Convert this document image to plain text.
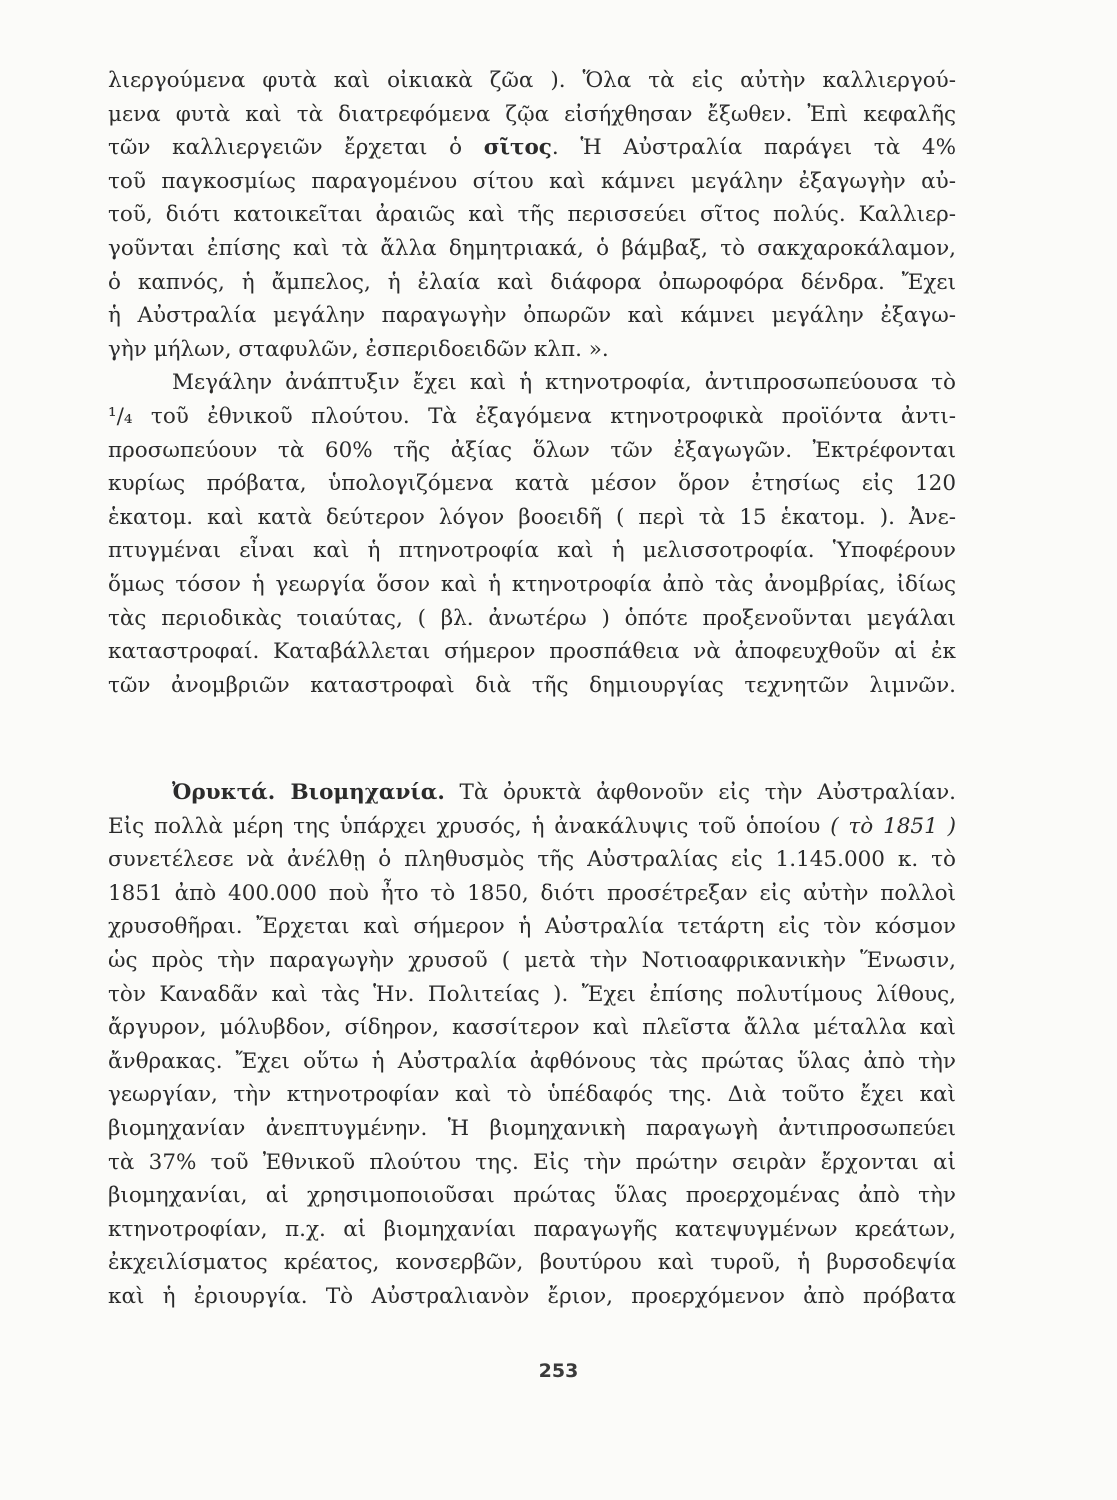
λιεργούμενα φυτὰ καὶ οἰκιακὰ ζῶα ). Ὅλα τὰ εἰς αὐτὴν καλλιεργού-
μενα φυτὰ καὶ τὰ διατρεφόμενα ζῷα εἰσήχθησαν ἔξωθεν. Ἐπὶ κεφαλῆς
τῶν καλλιεργειῶν ἔρχεται ὁ σῖτος. Ἡ Αὐστραλία παράγει τὰ 4%
τοῦ παγκοσμίως παραγομένου σίτου καὶ κάμνει μεγάλην ἐξαγωγὴν αὐ-
τοῦ, διότι κατοικεῖται ἀραιῶς καὶ τῆς περισσεύει σῖτος πολύς. Καλλιερ-
γοῦνται ἐπίσης καὶ τὰ ἄλλα δημητριακά, ὁ βάμβαξ, τὸ σακχαροκάλαμον,
ὁ καπνός, ἡ ἄμπελος, ἡ ἐλαία καὶ διάφορα ὀπωροφόρα δένδρα. Ἔχει
ἡ Αὐστραλία μεγάλην παραγωγὴν ὀπωρῶν καὶ κάμνει μεγάλην ἐξαγω-
γὴν μήλων, σταφυλῶν, ἐσπεριδοειδῶν κλπ. ».
Μεγάλην ἀνάπτυξιν ἔχει καὶ ἡ κτηνοτροφία, ἀντιπροσωπεύουσα τὸ
¹/₄ τοῦ ἐθνικοῦ πλούτου. Τὰ ἐξαγόμενα κτηνοτροφικὰ προϊόντα ἀντι-
προσωπεύουν τὰ 60% τῆς ἀξίας ὅλων τῶν ἐξαγωγῶν. Ἐκτρέφονται
κυρίως πρόβατα, ὑπολογιζόμενα κατὰ μέσον ὅρον ἐτησίως εἰς 120
ἑκατομ. καὶ κατὰ δεύτερον λόγον βοοειδῆ ( περὶ τὰ 15 ἑκατομ. ). Ἀνε-
πτυγμέναι εἶναι καὶ ἡ πτηνοτροφία καὶ ἡ μελισσοτροφία. Ὑποφέρουν
ὅμως τόσον ἡ γεωργία ὅσον καὶ ἡ κτηνοτροφία ἀπὸ τὰς ἀνομβρίας, ἰδίως
τὰς περιοδικὰς τοιαύτας, ( βλ. ἀνωτέρω ) ὁπότε προξενοῦνται μεγάλαι
καταστροφαί. Καταβάλλεται σήμερον προσπάθεια νὰ ἀποφευχθοῦν αἱ ἐκ
τῶν ἀνομβριῶν καταστροφαὶ διὰ τῆς δημιουργίας τεχνητῶν λιμνῶν.
Ὀρυκτά. Βιομηχανία. Τὰ ὀρυκτὰ ἀφθονοῦν εἰς τὴν Αὐστραλίαν.
Εἰς πολλὰ μέρη της ὑπάρχει χρυσός, ἡ ἀνακάλυψις τοῦ ὁποίου ( τὸ 1851 )
συνετέλεσε νὰ ἀνέλθῃ ὁ πληθυσμὸς τῆς Αὐστραλίας εἰς 1.145.000 κ. τὸ
1851 ἀπὸ 400.000 ποὺ ἦτο τὸ 1850, διότι προσέτρεξαν εἰς αὐτὴν πολλοὶ
χρυσοθῆραι. Ἔρχεται καὶ σήμερον ἡ Αὐστραλία τετάρτη εἰς τὸν κόσμον
ὡς πρὸς τὴν παραγωγὴν χρυσοῦ ( μετὰ τὴν Νοτιοαφρικανικὴν Ἕνωσιν,
τὸν Καναδᾶν καὶ τὰς Ἡν. Πολιτείας ). Ἔχει ἐπίσης πολυτίμους λίθους,
ἄργυρον, μόλυβδον, σίδηρον, κασσίτερον καὶ πλεῖστα ἄλλα μέταλλα καὶ
ἄνθρακας. Ἔχει οὕτω ἡ Αὐστραλία ἀφθόνους τὰς πρώτας ὕλας ἀπὸ τὴν
γεωργίαν, τὴν κτηνοτροφίαν καὶ τὸ ὑπέδαφός της. Διὰ τοῦτο ἔχει καὶ
βιομηχανίαν ἀνεπτυγμένην. Ἡ βιομηχανικὴ παραγωγὴ ἀντιπροσωπεύει
τὰ 37% τοῦ Ἐθνικοῦ πλούτου της. Εἰς τὴν πρώτην σειρὰν ἔρχονται αἱ
βιομηχανίαι, αἱ χρησιμοποιοῦσαι πρώτας ὕλας προερχομένας ἀπὸ τὴν
κτηνοτροφίαν, π.χ. αἱ βιομηχανίαι παραγωγῆς κατεψυγμένων κρεάτων,
ἐκχειλίσματος κρέατος, κονσερβῶν, βουτύρου καὶ τυροῦ, ἡ βυρσοδεψία
καὶ ἡ ἐριουργία. Τὸ Αὐστραλιανὸν ἔριον, προερχόμενον ἀπὸ πρόβατα
253
